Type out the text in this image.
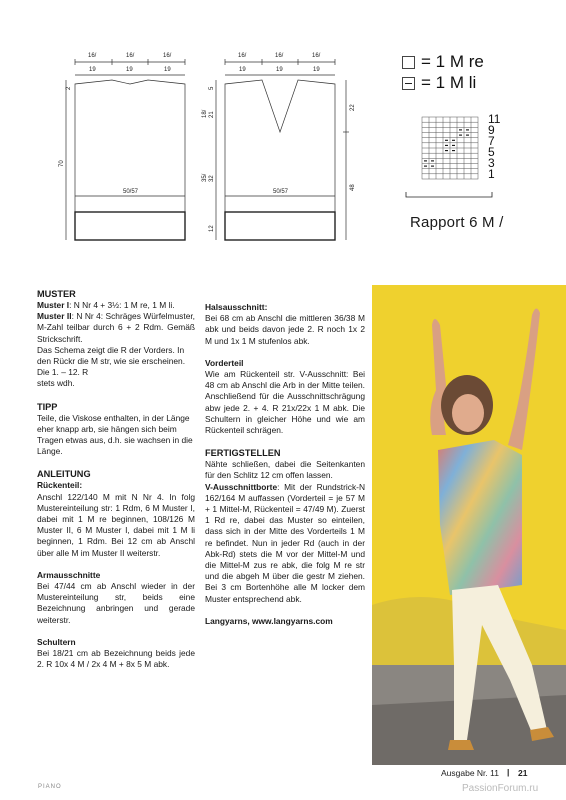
16/	16/	16/
19	19	19
2
70
50/57
5
18/ 21
35/ 32
12
16/	16/	16/
19	19	19
22
48
50/57
= 1 M re
= 1 M li
11
9
7
5
3
1
Rapport 6 M /

MUSTER

Muster I: N Nr 4 + 3½: 1 M re, 1 M li.

Muster II: N Nr 4: Schräges Würfelmuster, M-Zahl teilbar durch 6 + 2 Rdm. Gemäß Strickschrift.

Das Schema zeigt die R der Vorders. In den Rückr die M str, wie sie erscheinen. Die 1. – 12. R

stets wdh.

TIPP

Teile, die Viskose enthalten, in der Länge eher knapp arb, sie hängen sich beim Tragen etwas aus, d.h. sie wachsen in die Länge.

ANLEITUNG

Rückenteil:

Anschl 122/140 M mit N Nr 4. In folg Mustereinteilung str: 1 Rdm, 6 M Muster I, dabei mit 1 M re beginnen, 108/126 M Muster II, 6 M Muster I, dabei mit 1 M li beginnen, 1 Rdm. Bei 12 cm ab Anschl über alle M im Muster II weiterstr.

Armausschnitte

Bei 47/44 cm ab Anschl wieder in der Mustereinteilung str, beids eine Bezeichnung anbringen und gerade weiterstr.

Schultern

Bei 18/21 cm ab Bezeichnung beids jede 2. R 10x 4 M / 2x 4 M + 8x 5 M abk.

Halsausschnitt:

Bei 68 cm ab Anschl die mittleren 36/38 M abk und beids davon jede 2. R noch 1x 2 M und 1x 1 M stufenlos abk.

Vorderteil

Wie am Rückenteil str. V-Ausschnitt: Bei 48 cm ab Anschl die Arb in der Mitte teilen. Anschließend für die Ausschnittschrägung abw jede 2. + 4. R 21x/22x 1 M abk. Die Schultern in gleicher Höhe und wie am Rückenteil schrägen.

FERTIGSTELLEN

Nähte schließen, dabei die Seitenkanten für den Schlitz 12 cm offen lassen.

V-Ausschnittborte: Mit der Rundstrick-N 162/164 M auffassen (Vorderteil = je 57 M + 1 Mittel-M, Rückenteil = 47/49 M). Zuerst 1 Rd re, dabei das Muster so einteilen, dass sich in der Mitte des Vorderteils 1 M re befindet. Nun in jeder Rd (auch in der Abk-Rd) stets die M vor der Mittel-M und die Mittel-M zus re abk, die folg M re str und die abgeh M über die gestr M ziehen. Bei 3 cm Bortenhöhe alle M locker dem Muster entsprechend abk.

Langyarns, www.langyarns.com

Ausgabe Nr. 11 | 21
PIANO	PassionForum.ru
